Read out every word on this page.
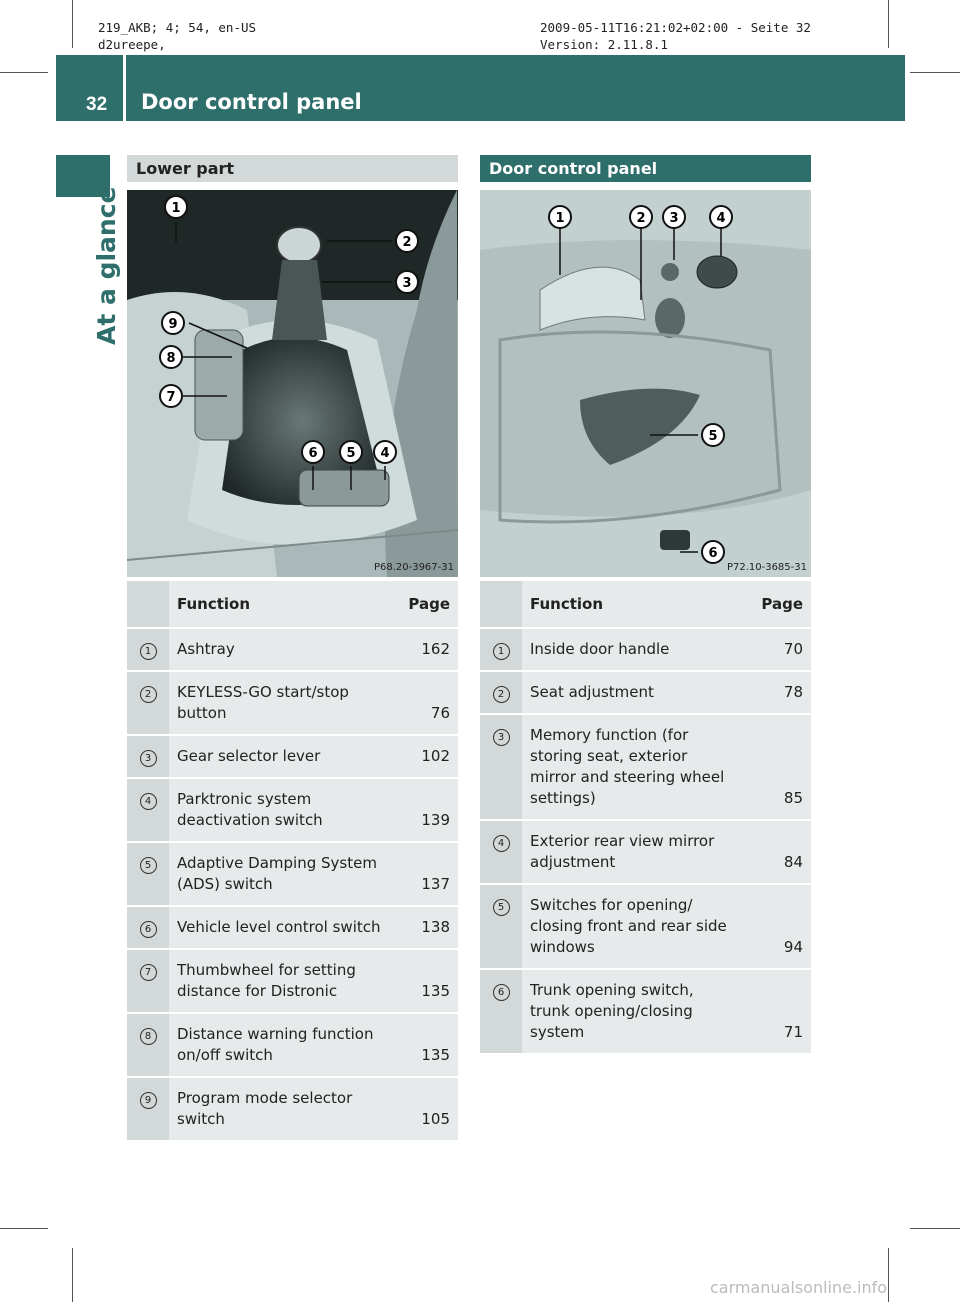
219_AKB; 4; 54, en-US
d2ureepe,
2009-05-11T16:21:02+02:00 - Seite 32
Version: 2.11.8.1
32	Door control panel
At a glance
Lower part
1
2
3
9
8
7
6 5 4
P68.20-3967-31
	Function	Page
1	Ashtray	162
2	KEYLESS-GO start/stop button	76
3	Gear selector lever	102
4	Parktronic system deactivation switch	139
5	Adaptive Damping System (ADS) switch	137
6	Vehicle level control switch	138
7	Thumbwheel for setting distance for Distronic	135
8	Distance warning function on/off switch	135
9	Program mode selector switch	105
Door control panel
1	2 3	4
5
6
P72.10-3685-31
	Function	Page
1	Inside door handle	70
2	Seat adjustment	78
3	Memory function (for storing seat, exterior mirror and steering wheel settings)	85
4	Exterior rear view mirror adjustment	84
5	Switches for opening/ closing front and rear side windows	94
6	Trunk opening switch, trunk opening/closing system	71
carmanualsonline.info
